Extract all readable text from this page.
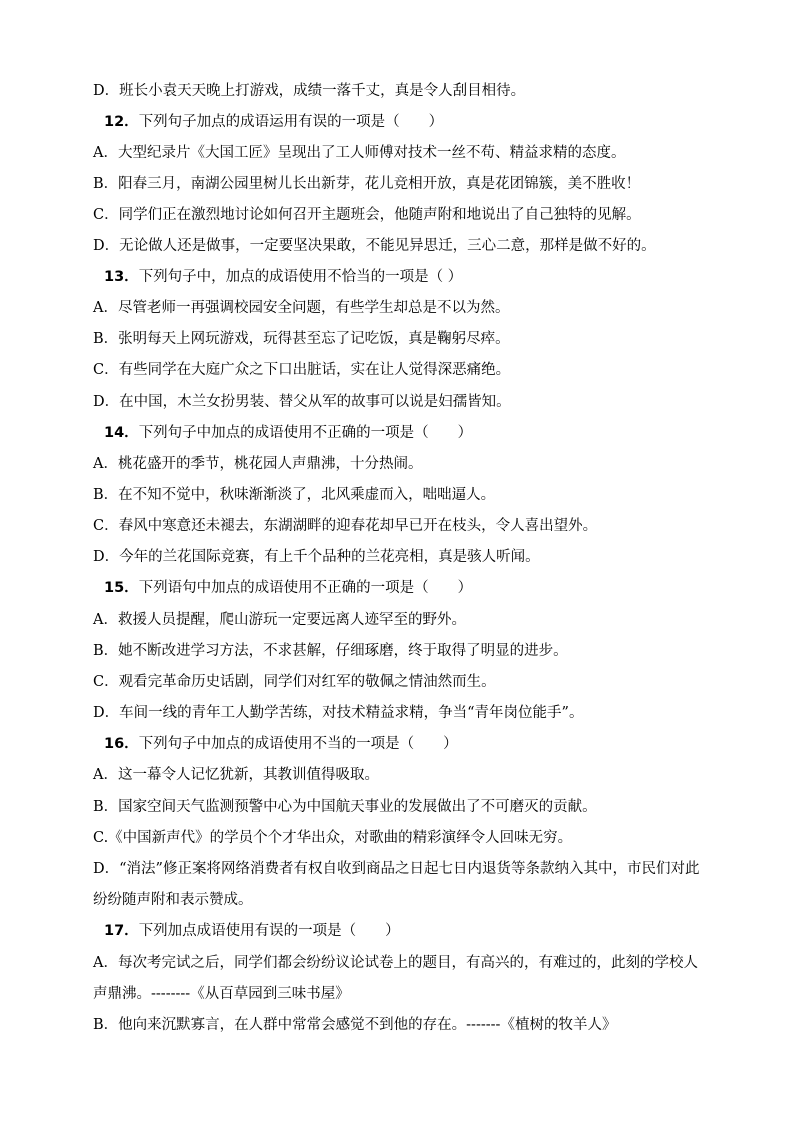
D．班长小袁天天晚上打游戏，成绩一落千丈，真是令人刮目相待。
12．下列句子加点的成语运用有误的一项是（　　）
A．大型纪录片《大国工匠》呈现出了工人师傅对技术一丝不苟、精益求精的态度。
B．阳春三月，南湖公园里树儿长出新芽，花儿竞相开放，真是花团锦簇，美不胜收！
C．同学们正在激烈地讨论如何召开主题班会，他随声附和地说出了自己独特的见解。
D．无论做人还是做事，一定要坚决果敢，不能见异思迁，三心二意，那样是做不好的。
13．下列句子中，加点的成语使用不恰当的一项是（ ）
A．尽管老师一再强调校园安全问题，有些学生却总是不以为然。
B．张明每天上网玩游戏，玩得甚至忘了记吃饭，真是鞠躬尽瘁。
C．有些同学在大庭广众之下口出脏话，实在让人觉得深恶痛绝。
D．在中国，木兰女扮男装、替父从军的故事可以说是妇孺皆知。
14．下列句子中加点的成语使用不正确的一项是（　　）
A．桃花盛开的季节，桃花园人声鼎沸，十分热闹。
B．在不知不觉中，秋味渐渐淡了，北风乘虚而入，咄咄逼人。
C．春风中寒意还未褪去，东湖湖畔的迎春花却早已开在枝头，令人喜出望外。
D．今年的兰花国际竞赛，有上千个品种的兰花亮相，真是骇人听闻。
15．下列语句中加点的成语使用不正确的一项是（　　）
A．救援人员提醒，爬山游玩一定要远离人迹罕至的野外。
B．她不断改进学习方法，不求甚解，仔细琢磨，终于取得了明显的进步。
C．观看完革命历史话剧，同学们对红军的敬佩之情油然而生。
D．车间一线的青年工人勤学苦练，对技术精益求精，争当“青年岗位能手”。
16．下列句子中加点的成语使用不当的一项是（　　）
A．这一幕令人记忆犹新，其教训值得吸取。
B．国家空间天气监测预警中心为中国航天事业的发展做出了不可磨灭的贡献。
C.《中国新声代》的学员个个才华出众，对歌曲的精彩演绎令人回味无穷。
D．“消法”修正案将网络消费者有权自收到商品之日起七日内退货等条款纳入其中，市民们对此
纷纷随声附和表示赞成。
17．下列加点成语使用有误的一项是（　　）
A．每次考完试之后，同学们都会纷纷议论试卷上的题目，有高兴的，有难过的，此刻的学校人
声鼎沸。--------《从百草园到三味书屋》
B．他向来沉默寡言，在人群中常常会感觉不到他的存在。-------《植树的牧羊人》
